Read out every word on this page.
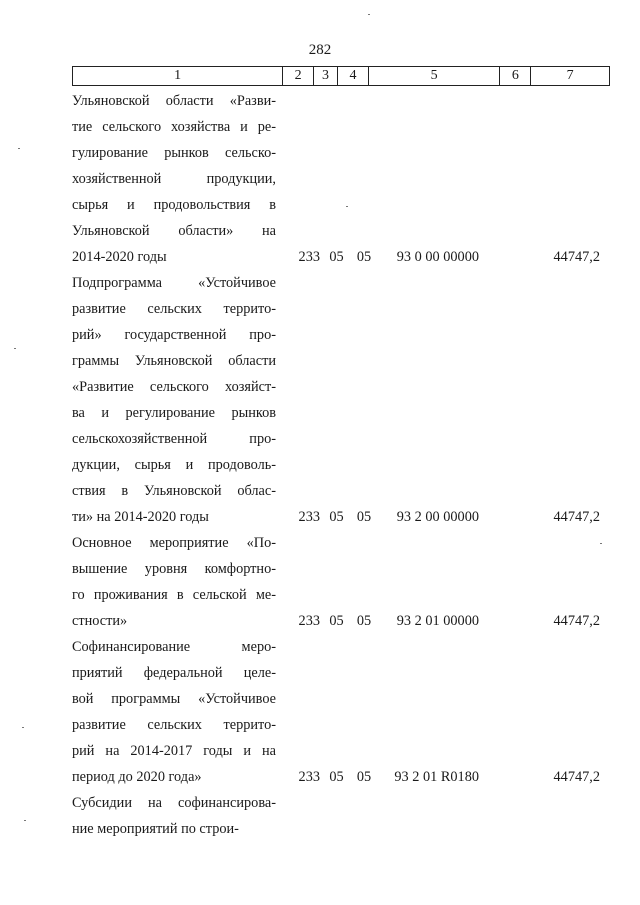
282
1	2	3	4	5	6	7
Ульяновской области «Разви-
тие сельского хозяйства и ре-
гулирование рынков сельско-
хозяйственной продукции,
сырья и продовольствия в
Ульяновской области» на
2014-2020 годы	233 05 05	93 0 00 00000	44747,2
Подпрограмма «Устойчивое
развитие сельских террито-
рий» государственной про-
граммы Ульяновской области
«Развитие сельского хозяйст-
ва и регулирование рынков
сельскохозяйственной про-
дукции, сырья и продоволь-
ствия в Ульяновской облас-
ти» на 2014-2020 годы	233 05 05	93 2 00 00000	44747,2
Основное мероприятие «По-
вышение уровня комфортно-
го проживания в сельской ме-
стности»	233 05 05	93 2 01 00000	44747,2
Софинансирование меро-
приятий федеральной целе-
вой программы «Устойчивое
развитие сельских террито-
рий на 2014-2017 годы и на
период до 2020 года»	233 05 05	93 2 01 R0180	44747,2
Субсидии на софинансирова-
ние мероприятий по строи-
